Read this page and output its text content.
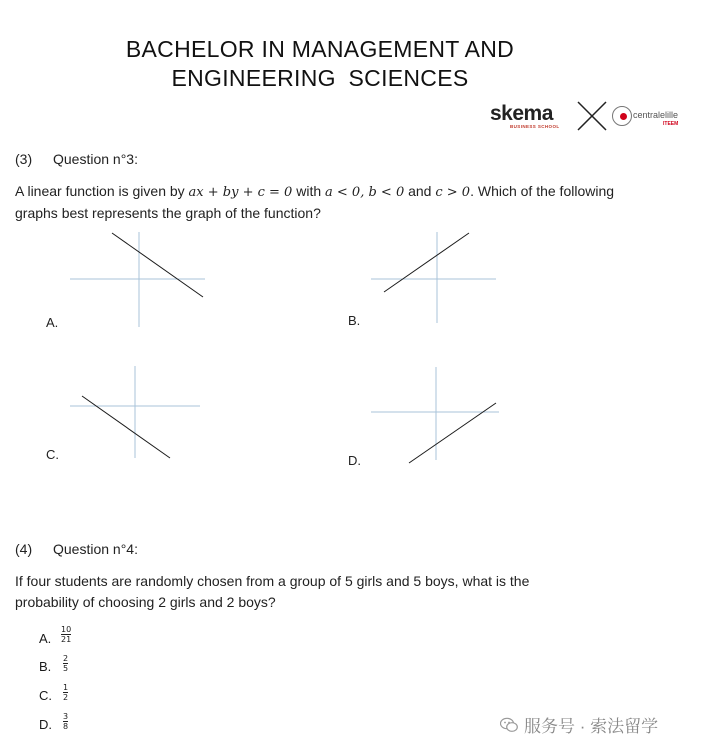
BACHELOR IN MANAGEMENT AND
ENGINEERING SCIENCES
skema
BUSINESS SCHOOL
centralelille
ITEEM
(3) Question n°3:
A linear function is given by ax + by + c = 0 with a < 0, b < 0 and c > 0. Which of the following graphs best represents the graph of the function?
A.	B.
C.	D.
(4) Question n°4:
If four students are randomly chosen from a group of 5 girls and 5 boys, what is the probability of choosing 2 girls and 2 boys?
A.
10
21
B.
2
5
C.
1
2
D.
3
8	服务号 · 索法留学
